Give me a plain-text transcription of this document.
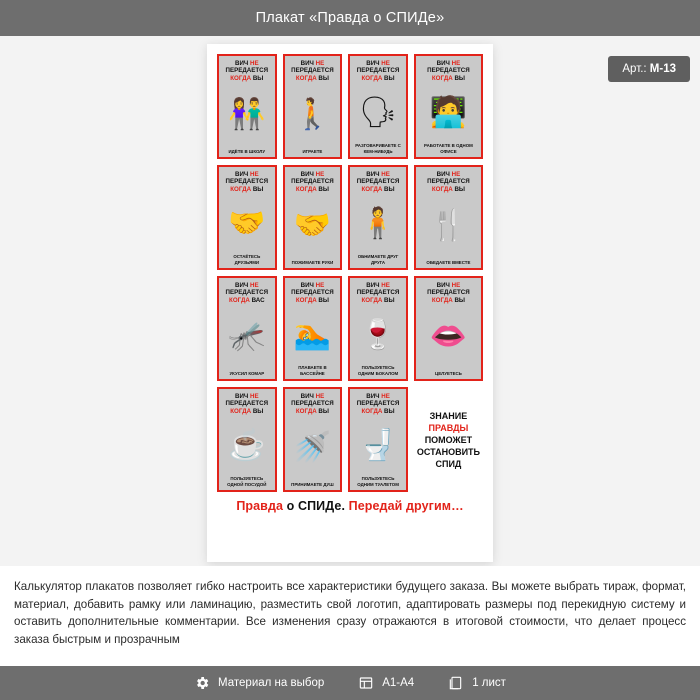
Плакат «Правда о СПИДе»
Арт.: М-13
ВИЧ НЕ
ПЕРЕДАЕТСЯ
КОГДА ВЫ
👫
ИДЁТЕ В ШКОЛУ
ВИЧ НЕ
ПЕРЕДАЕТСЯ
КОГДА ВЫ
🚶
ИГРАЕТЕ
ВИЧ НЕ
ПЕРЕДАЕТСЯ
КОГДА ВЫ
🗣
РАЗГОВАРИВАЕТЕ С КЕМ-НИБУДЬ
ВИЧ НЕ
ПЕРЕДАЕТСЯ
КОГДА ВЫ
🧑‍💻
РАБОТАЕТЕ В ОДНОМ ОФИСЕ
ВИЧ НЕ
ПЕРЕДАЕТСЯ
КОГДА ВЫ
🤝
ОСТАЁТЕСЬ ДРУЗЬЯМИ
ВИЧ НЕ
ПЕРЕДАЕТСЯ
КОГДА ВЫ
🤝
ПОЖИМАЕТЕ РУКИ
ВИЧ НЕ
ПЕРЕДАЕТСЯ
КОГДА ВЫ
🧍
ОБНИМАЕТЕ ДРУГ ДРУГА
ВИЧ НЕ
ПЕРЕДАЕТСЯ
КОГДА ВЫ
🍴
ОБЕДАЕТЕ ВМЕСТЕ
ВИЧ НЕ
ПЕРЕДАЕТСЯ
КОГДА ВАС
🦟
УКУСИЛ КОМАР
ВИЧ НЕ
ПЕРЕДАЕТСЯ
КОГДА ВЫ
🏊
ПЛАВАЕТЕ В БАССЕЙНЕ
ВИЧ НЕ
ПЕРЕДАЕТСЯ
КОГДА ВЫ
🍷
ПОЛЬЗУЕТЕСЬ ОДНИМ БОКАЛОМ
ВИЧ НЕ
ПЕРЕДАЕТСЯ
КОГДА ВЫ
👄
ЦЕЛУЕТЕСЬ
ВИЧ НЕ
ПЕРЕДАЕТСЯ
КОГДА ВЫ
☕
ПОЛЬЗУЕТЕСЬ ОДНОЙ ПОСУДОЙ
ВИЧ НЕ
ПЕРЕДАЕТСЯ
КОГДА ВЫ
🚿
ПРИНИМАЕТЕ ДУШ
ВИЧ НЕ
ПЕРЕДАЕТСЯ
КОГДА ВЫ
🚽
ПОЛЬЗУЕТЕСЬ ОДНИМ ТУАЛЕТОМ
ЗНАНИЕ
ПРАВДЫ
ПОМОЖЕТ
ОСТАНОВИТЬ
СПИД
Правда о СПИДе. Передай другим…
Калькулятор плакатов позволяет гибко настроить все характеристики будущего заказа. Вы можете выбрать тираж, формат, материал, добавить рамку или ламинацию, разместить свой логотип, адаптировать размеры под перекидную систему и оставить дополнительные комментарии. Все изменения сразу отражаются в итоговой стоимости, что делает процесс заказа быстрым и прозрачным
Материал на выбор	А1-А4	1 лист
